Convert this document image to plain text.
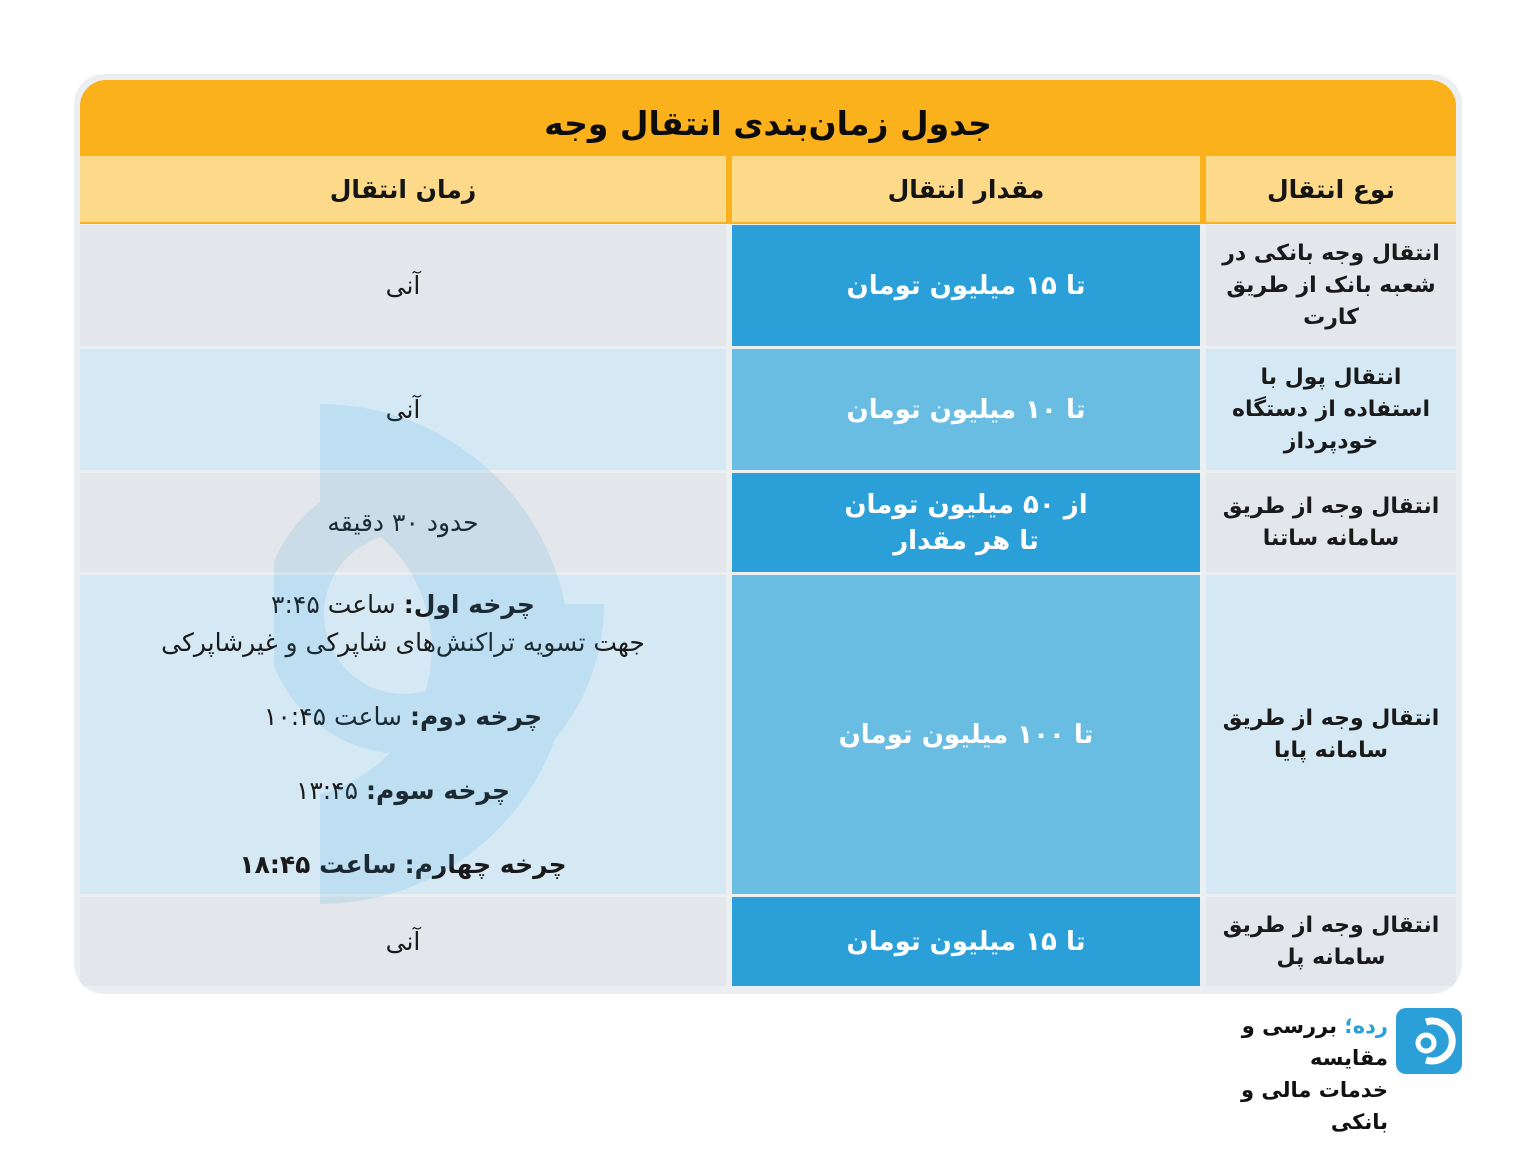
جدول زمان‌بندی انتقال وجه
نوع انتقال
مقدار انتقال
زمان انتقال
انتقال وجه بانکی در
شعبه بانک از طریق
کارت
تا ۱۵ میلیون تومان
آنی
انتقال پول با
استفاده از دستگاه
خودپرداز
تا ۱۰ میلیون تومان
آنی
انتقال وجه از طریق
سامانه ساتنا
از ۵۰ میلیون تومان
تا هر مقدار
حدود ۳۰ دقیقه
انتقال وجه از طریق
سامانه پایا
تا ۱۰۰ میلیون تومان
چرخه اول: ساعت ۳:۴۵
جهت تسویه تراکنش‌های شاپرکی و غیرشاپرکی
چرخه دوم: ساعت ۱۰:۴۵
چرخه سوم: ۱۳:۴۵
چرخه چهارم: ساعت ۱۸:۴۵
انتقال وجه از طریق
سامانه پل
تا ۱۵ میلیون تومان
آنی
رده؛ بررسی و مقایسه
خدمات مالی و بانکی
